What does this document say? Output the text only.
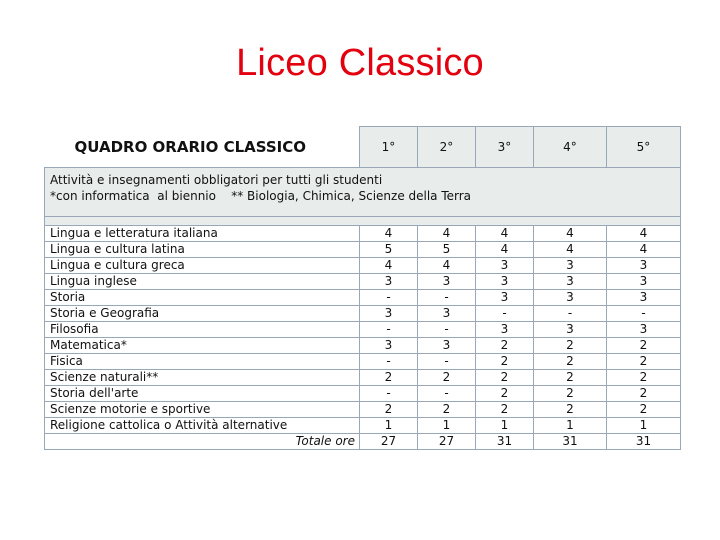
Liceo Classico
QUADRO ORARIO CLASSICO	1°	2°	3°	4°	5°

Attività e insegnamenti obbligatori per tutti gli studenti
*con informatica  al biennio    ** Biologia, Chimica, Scienze della Terra					

Lingua e letteratura italiana	4	4	4	4	4
Lingua e cultura latina	5	5	4	4	4
Lingua e cultura greca	4	4	3	3	3
Lingua inglese	3	3	3	3	3
Storia	-	-	3	3	3
Storia e Geografia	3	3	-	-	-
Filosofia	-	-	3	3	3
Matematica*	3	3	2	2	2
Fisica	-	-	2	2	2
Scienze naturali**	2	2	2	2	2
Storia dell'arte	-	-	2	2	2
Scienze motorie e sportive	2	2	2	2	2
Religione cattolica o Attività alternative	1	1	1	1	1
Totale ore	27	27	31	31	31
